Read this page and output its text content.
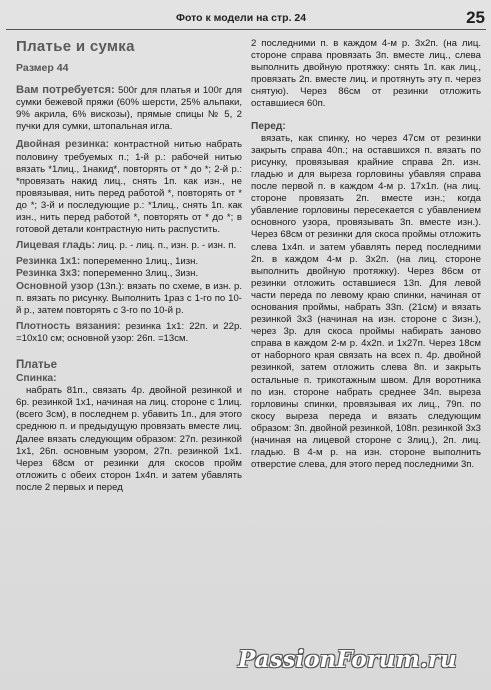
Фото к модели на стр. 24	25

Платье и сумка

Размер 44

Вам потребуется: 500г для платья и 100г для сумки бежевой пряжи (60% шерсти, 25% альпаки, 9% акрила, 6% вискозы), прямые спицы № 5, 2 пучки для сумки, штопальная игла.

Двойная резинка: контрастной нитью набрать половину требуемых п.; 1-й р.: рабочей нитью вязать *1лиц., 1накид*, повторять от * до *; 2-й р.: *провязать накид лиц., снять 1п. как изн., не провязывая, нить перед работой *, повторять от * до *; 3-й и последующие р.: *1лиц., снять 1п. как изн., нить перед работой *, повторять от * до *; в готовой детали контрастную нить распустить.

Лицевая гладь: лиц. р. - лиц. п., изн. р. - изн. п.

Резинка 1х1: попеременно 1лиц., 1изн.

Резинка 3х3: попеременно 3лиц., 3изн.

Основной узор (13п.): вязать по схеме, в изн. р. п. вязать по рисунку. Выполнить 1раз с 1-го по 10-й р., затем повторять с 3-го по 10-й р.

Плотность вязания: резинка 1х1: 22п. и 22р. =10х10 см; основной узор: 26п. =13см.

Платье

Спинка:

набрать 81п., связать 4р. двойной резинкой и 6р. резинкой 1х1, начиная на лиц. стороне с 1лиц. (всего 3см), в последнем р. убавить 1п., для этого среднюю п. и предыдущую провязать вместе лиц. Далее вязать следующим образом: 27п. резинкой 1х1, 26п. основным узором, 27п. резинкой 1х1. Через 68см от резинки для скосов пройм отложить с обеих сторон 1х4п. и затем убавлять после 2 первых и перед

2 последними п. в каждом 4-м р. 3х2п. (на лиц. стороне справа провязать 3п. вместе лиц., слева выполнить двойную протяжку: снять 1п. как лиц., провязать 2п. вместе лиц. и протянуть эту п. через снятую). Через 86см от резинки отложить оставшиеся 60п.

Перед:

вязать, как спинку, но через 47см от резинки закрыть справа 40п.; на оставшихся п. вязать по рисунку, провязывая крайние справа 2п. изн. гладью и для выреза горловины убавляя справа после первой п. в каждом 4-м р. 17х1п. (на лиц. стороне провязать 2п. вместе изн.; когда убавление горловины пересекается с убавлением основного узора, провязывать 3п. вместе изн.). Через 68см от резинки для скоса проймы отложить слева 1х4п. и затем убавлять перед последними 2п. в каждом 4-м р. 3х2п. (на лиц. стороне выполнить двойную протяжку). Через 86см от резинки отложить оставшиеся 13п. Для левой части переда по левому краю спинки, начиная от основания проймы, набрать 33п. (21см) и вязать резинкой 3х3 (начиная на изн. стороне с 3изн.), через 3р. для скоса проймы набирать заново справа в каждом 2-м р. 4х2п. и 1х27п. Через 18см от наборного края связать на всех п. 4р. двойной резинкой, затем отложить слева 8п. и закрыть остальные п. трикотажным швом. Для воротника по изн. стороне набрать среднее 34п. выреза горловины спинки, провязывая их лиц., 79п. по скосу выреза переда и вязать следующим образом: 3п. двойной резинкой, 108п. резинкой 3х3 (начиная на лицевой стороне с 3лиц.), 2п. лиц. гладью. В 4-м р. на изн. стороне выполнить отверстие слева, для этого перед последними 3п.

PassionForum.ru
